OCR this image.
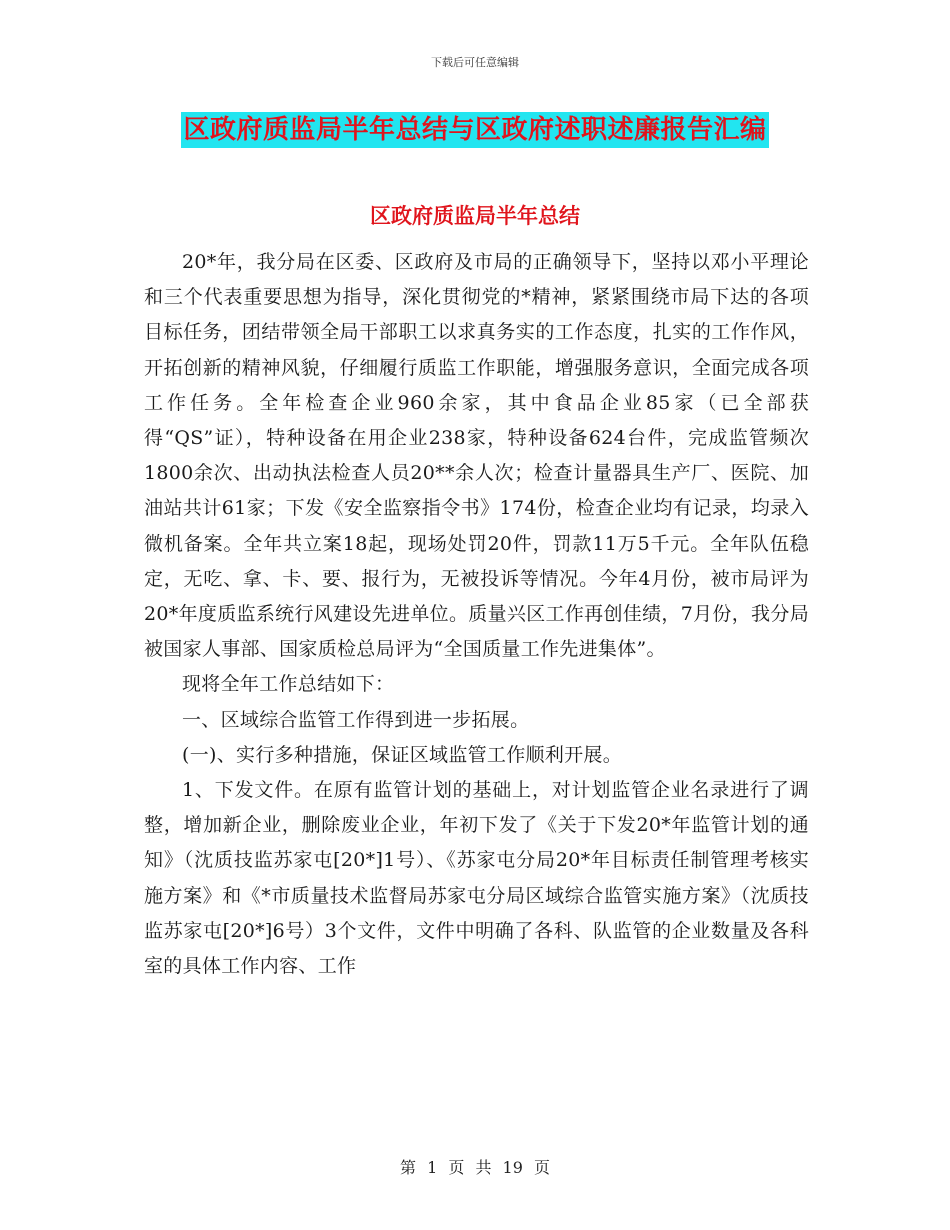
下载后可任意编辑
区政府质监局半年总结与区政府述职述廉报告汇编
区政府质监局半年总结

20*年，我分局在区委、区政府及市局的正确领导下，坚持以邓小平理论和三个代表重要思想为指导，深化贯彻党的*精神，紧紧围绕市局下达的各项目标任务，团结带领全局干部职工以求真务实的工作态度，扎实的工作作风，开拓创新的精神风貌，仔细履行质监工作职能，增强服务意识，全面完成各项工作任务。全年检查企业960余家，其中食品企业85家（已全部获得“QS”证），特种设备在用企业238家，特种设备624台件，完成监管频次1800余次、出动执法检查人员20**余人次；检查计量器具生产厂、医院、加油站共计61家；下发《安全监察指令书》174份，检查企业均有记录，均录入微机备案。全年共立案18起，现场处罚20件，罚款11万5千元。全年队伍稳定，无吃、拿、卡、要、报行为，无被投诉等情况。今年4月份，被市局评为20*年度质监系统行风建设先进单位。质量兴区工作再创佳绩，7月份，我分局被国家人事部、国家质检总局评为“全国质量工作先进集体”。

现将全年工作总结如下：

一、区域综合监管工作得到进一步拓展。

(一)、实行多种措施，保证区域监管工作顺利开展。

1、下发文件。在原有监管计划的基础上，对计划监管企业名录进行了调整，增加新企业，删除废业企业，年初下发了《关于下发20*年监管计划的通知》（沈质技监苏家屯[20*]1号）、《苏家屯分局20*年目标责任制管理考核实施方案》和《*市质量技术监督局苏家屯分局区域综合监管实施方案》（沈质技监苏家屯[20*]6号）3个文件，文件中明确了各科、队监管的企业数量及各科室的具体工作内容、工作

第 1 页 共 19 页
